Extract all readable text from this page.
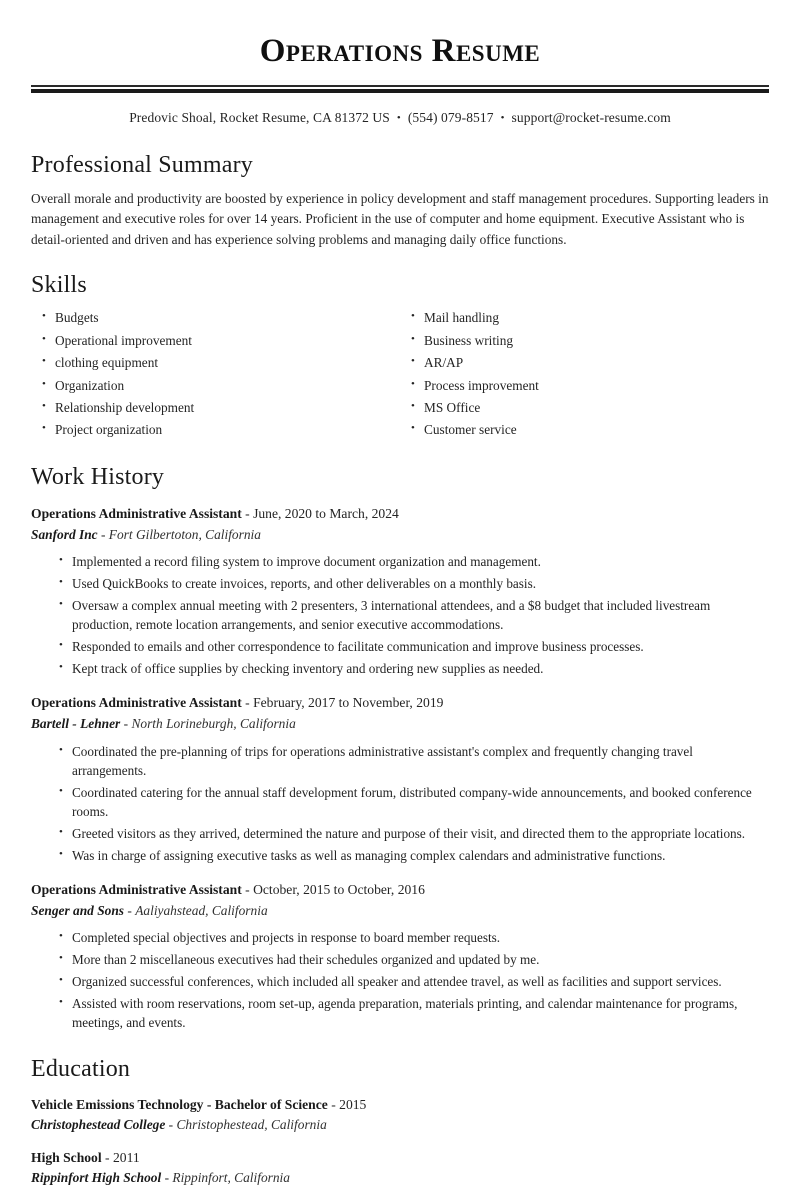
Operations Resume
Predovic Shoal, Rocket Resume, CA 81372 US • (554) 079-8517 • support@rocket-resume.com
Professional Summary

Overall morale and productivity are boosted by experience in policy development and staff management procedures. Supporting leaders in management and executive roles for over 14 years. Proficient in the use of computer and home equipment. Executive Assistant who is detail-oriented and driven and has experience solving problems and managing daily office functions.

Skills
• Budgets
• Operational improvement
• clothing equipment
• Organization
• Relationship development
• Project organization
• Mail handling
• Business writing
• AR/AP
• Process improvement
• MS Office
• Customer service
Work History
Operations Administrative Assistant - June, 2020 to March, 2024
Sanford Inc - Fort Gilbertoton, California
• Implemented a record filing system to improve document organization and management.
• Used QuickBooks to create invoices, reports, and other deliverables on a monthly basis.
• Oversaw a complex annual meeting with 2 presenters, 3 international attendees, and a $8 budget that included livestream production, remote location arrangements, and senior executive accommodations.
• Responded to emails and other correspondence to facilitate communication and improve business processes.
• Kept track of office supplies by checking inventory and ordering new supplies as needed.
Operations Administrative Assistant - February, 2017 to November, 2019
Bartell - Lehner - North Lorineburgh, California
• Coordinated the pre-planning of trips for operations administrative assistant's complex and frequently changing travel arrangements.
• Coordinated catering for the annual staff development forum, distributed company-wide announcements, and booked conference rooms.
• Greeted visitors as they arrived, determined the nature and purpose of their visit, and directed them to the appropriate locations.
• Was in charge of assigning executive tasks as well as managing complex calendars and administrative functions.
Operations Administrative Assistant - October, 2015 to October, 2016
Senger and Sons - Aaliyahstead, California
• Completed special objectives and projects in response to board member requests.
• More than 2 miscellaneous executives had their schedules organized and updated by me.
• Organized successful conferences, which included all speaker and attendee travel, as well as facilities and support services.
• Assisted with room reservations, room set-up, agenda preparation, materials printing, and calendar maintenance for programs, meetings, and events.
Education
Vehicle Emissions Technology - Bachelor of Science - 2015
Christophestead College - Christophestead, California
High School - 2011
Rippinfort High School - Rippinfort, California
